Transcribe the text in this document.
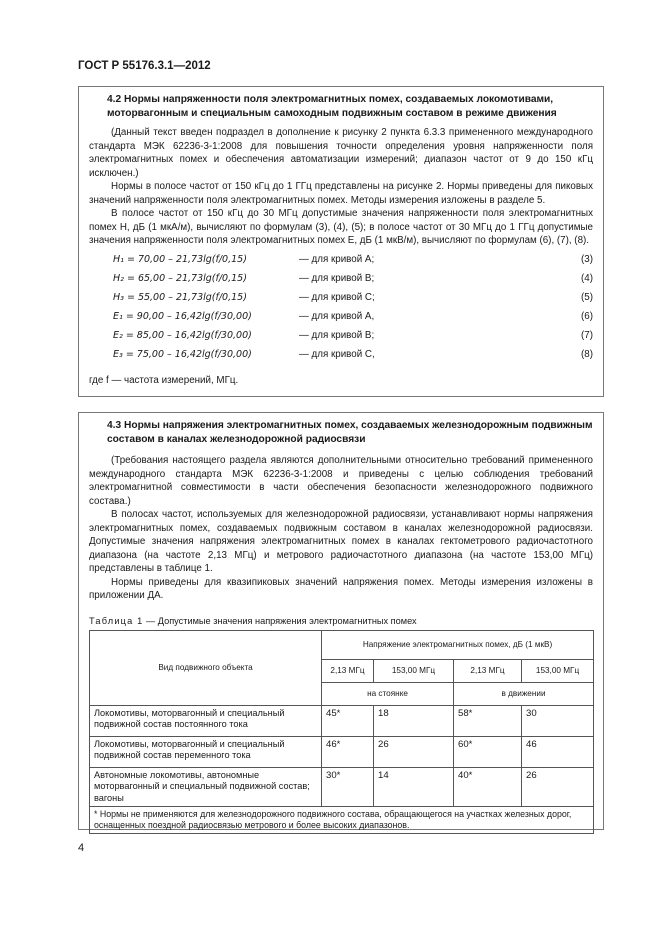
ГОСТ Р 55176.3.1—2012
4.2 Нормы напряженности поля электромагнитных помех, создаваемых локомотивами, моторвагонным и специальным самоходным подвижным составом в режиме движения
(Данный текст введен подраздел в дополнение к рисунку 2 пункта 6.3.3 примененного международного стандарта МЭК 62236-3-1:2008 для повышения точности определения уровня напряженности поля электромагнитных помех и обеспечения автоматизации измерений; диапазон частот от 9 до 150 кГц исключен.)
Нормы в полосе частот от 150 кГц до 1 ГГц представлены на рисунке 2. Нормы приведены для пиковых значений напряженности поля электромагнитных помех. Методы измерения изложены в разделе 5.
В полосе частот от 150 кГц до 30 МГц допустимые значения напряженности поля электромагнитных помех H, дБ (1 мкА/м), вычисляют по формулам (3), (4), (5); в полосе частот от 30 МГц до 1 ГГц допустимые значения напряженности поля электромагнитных помех E, дБ (1 мкВ/м), вычисляют по формулам (6), (7), (8).
H₁ = 70,00 – 21,73lg(f/0,15)	— для кривой A;	(3)
H₂ = 65,00 – 21,73lg(f/0,15)	— для кривой B;	(4)
H₃ = 55,00 – 21,73lg(f/0,15)	— для кривой C;	(5)
E₁ = 90,00 – 16,42lg(f/30,00)	— для кривой A,	(6)
E₂ = 85,00 – 16,42lg(f/30,00)	— для кривой B;	(7)
E₃ = 75,00 – 16,42lg(f/30,00)	— для кривой C,	(8)
где f — частота измерений, МГц.
4.3 Нормы напряжения электромагнитных помех, создаваемых железнодорожным подвижным составом в каналах железнодорожной радиосвязи
(Требования настоящего раздела являются дополнительными относительно требований примененного международного стандарта МЭК 62236-3-1:2008 и приведены с целью соблюдения требований электромагнитной совместимости в части обеспечения безопасности железнодорожного подвижного состава.)
В полосах частот, используемых для железнодорожной радиосвязи, устанавливают нормы напряжения электромагнитных помех, создаваемых подвижным составом в каналах железнодорожной радиосвязи. Допустимые значения напряжения электромагнитных помех в каналах гектометрового радиочастотного диапазона (на частоте 2,13 МГц) и метрового радиочастотного диапазона (на частоте 153,00 МГц) представлены в таблице 1.
Нормы приведены для квазипиковых значений напряжения помех. Методы измерения изложены в приложении ДА.
Таблица 1 — Допустимые значения напряжения электромагнитных помех
Вид подвижного объекта	Напряжение электромагнитных помех, дБ (1 мкВ)			
	2,13 МГц	153,00 МГц	2,13 МГц	153,00 МГц
	на стоянке		в движении	
Локомотивы, моторвагонный и специальный подвижной состав постоянного тока	45*	18	58*	30
Локомотивы, моторвагонный и специальный подвижной состав переменного тока	46*	26	60*	46
Автономные локомотивы, автономные моторвагонный и специальный подвижной состав; вагоны	30*	14	40*	26
* Нормы не применяются для железнодорожного подвижного состава, обращающегося на участках железных дорог, оснащенных поездной радиосвязью метрового и более высоких диапазонов.				
4
